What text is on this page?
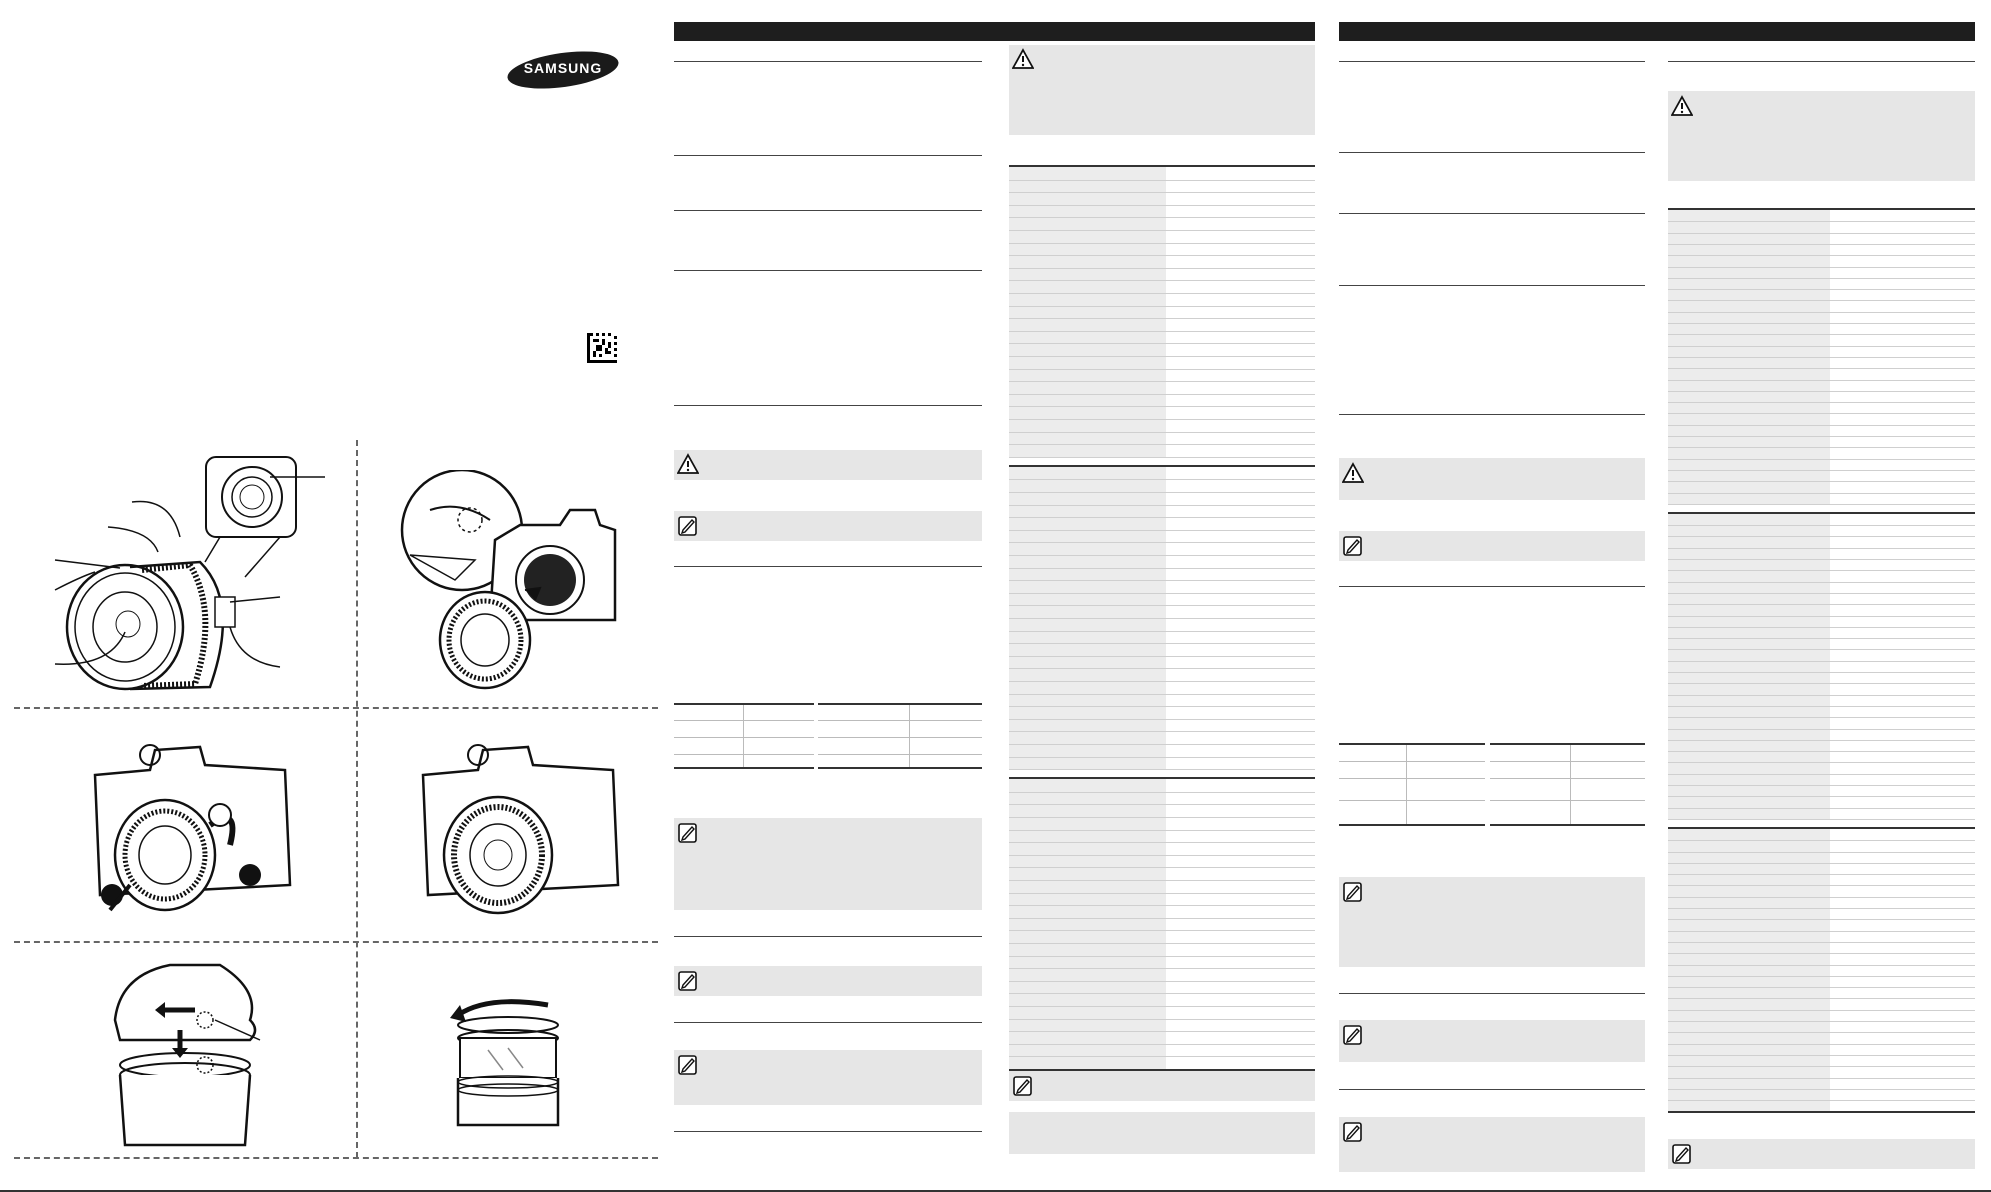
SAMSUNG
